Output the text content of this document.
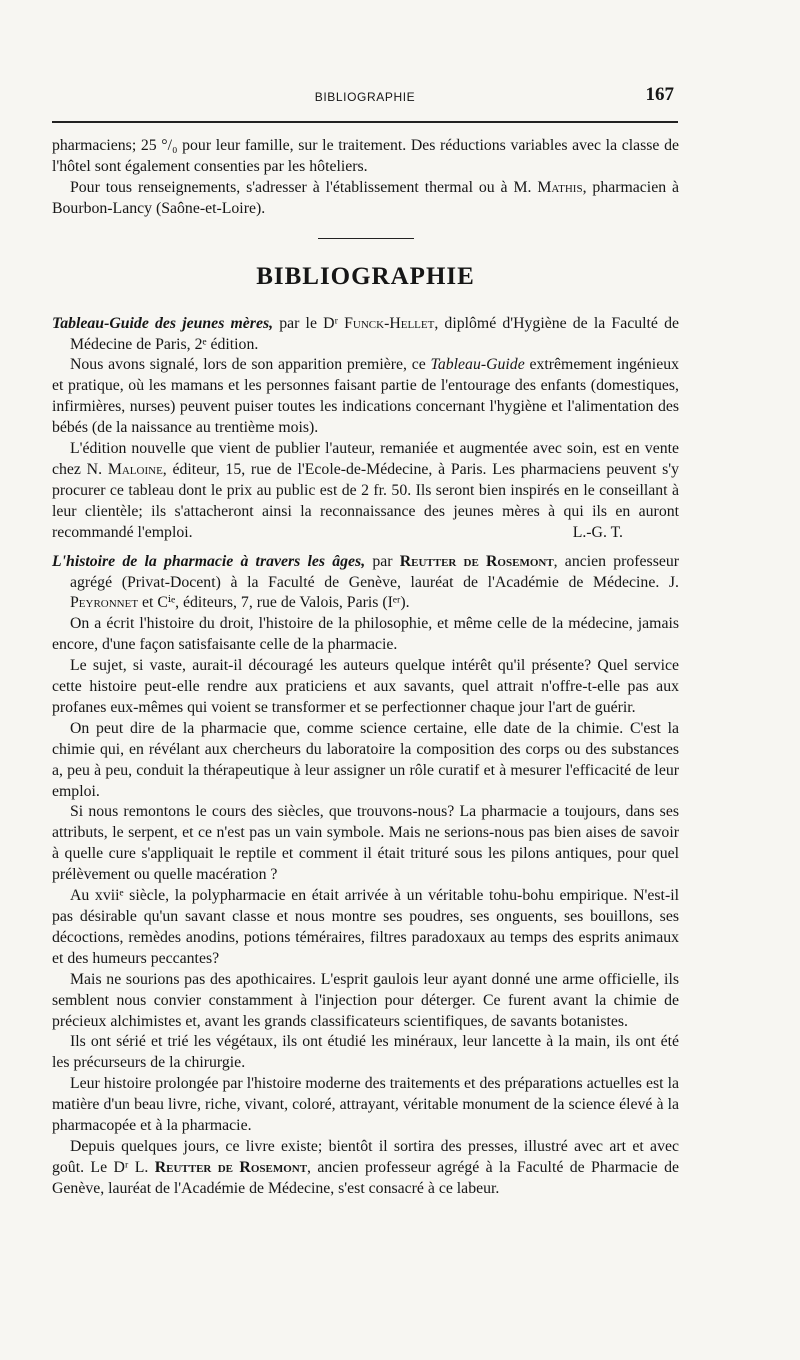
BIBLIOGRAPHIE	167

pharmaciens; 25 °/₀ pour leur famille, sur le traitement. Des réductions variables avec la classe de l'hôtel sont également consenties par les hôteliers.

Pour tous renseignements, s'adresser à l'établissement thermal ou à M. Mathis, pharmacien à Bourbon-Lancy (Saône-et-Loire).

BIBLIOGRAPHIE

Tableau-Guide des jeunes mères, par le Dʳ Funck-Hellet, diplômé d'Hygiène de la Faculté de Médecine de Paris, 2ᵉ édition.

Nous avons signalé, lors de son apparition première, ce Tableau-Guide extrêmement ingénieux et pratique, où les mamans et les personnes faisant partie de l'entourage des enfants (domestiques, infirmières, nurses) peuvent puiser toutes les indications concernant l'hygiène et l'alimentation des bébés (de la naissance au trentième mois).

L'édition nouvelle que vient de publier l'auteur, remaniée et augmentée avec soin, est en vente chez N. Maloine, éditeur, 15, rue de l'Ecole-de-Médecine, à Paris. Les pharmaciens peuvent s'y procurer ce tableau dont le prix au public est de 2 fr. 50. Ils seront bien inspirés en le conseillant à leur clientèle; ils s'attacheront ainsi la reconnaissance des jeunes mères à qui ils en auront recommandé l'emploi.	L.-G. T.

L'histoire de la pharmacie à travers les âges, par Reutter de Rosemont, ancien professeur agrégé (Privat-Docent) à la Faculté de Genève, lauréat de l'Académie de Médecine. J. Peyronnet et Cⁱᵉ, éditeurs, 7, rue de Valois, Paris (Iᵉʳ).

On a écrit l'histoire du droit, l'histoire de la philosophie, et même celle de la médecine, jamais encore, d'une façon satisfaisante celle de la pharmacie.

Le sujet, si vaste, aurait-il découragé les auteurs quelque intérêt qu'il présente? Quel service cette histoire peut-elle rendre aux praticiens et aux savants, quel attrait n'offre-t-elle pas aux profanes eux-mêmes qui voient se transformer et se perfectionner chaque jour l'art de guérir.

On peut dire de la pharmacie que, comme science certaine, elle date de la chimie. C'est la chimie qui, en révélant aux chercheurs du laboratoire la composition des corps ou des substances a, peu à peu, conduit la thérapeutique à leur assigner un rôle curatif et à mesurer l'efficacité de leur emploi.

Si nous remontons le cours des siècles, que trouvons-nous? La pharmacie a toujours, dans ses attributs, le serpent, et ce n'est pas un vain symbole. Mais ne serions-nous pas bien aises de savoir à quelle cure s'appliquait le reptile et comment il était trituré sous les pilons antiques, pour quel prélèvement ou quelle macération ?

Au xviiᵉ siècle, la polypharmacie en était arrivée à un véritable tohu-bohu empirique. N'est-il pas désirable qu'un savant classe et nous montre ses poudres, ses onguents, ses bouillons, ses décoctions, remèdes anodins, potions téméraires, filtres paradoxaux au temps des esprits animaux et des humeurs peccantes?

Mais ne sourions pas des apothicaires. L'esprit gaulois leur ayant donné une arme officielle, ils semblent nous convier constamment à l'injection pour déterger. Ce furent avant la chimie de précieux alchimistes et, avant les grands classificateurs scientifiques, de savants botanistes.

Ils ont sérié et trié les végétaux, ils ont étudié les minéraux, leur lancette à la main, ils ont été les précurseurs de la chirurgie.

Leur histoire prolongée par l'histoire moderne des traitements et des préparations actuelles est la matière d'un beau livre, riche, vivant, coloré, attrayant, véritable monument de la science élevé à la pharmacopée et à la pharmacie.

Depuis quelques jours, ce livre existe; bientôt il sortira des presses, illustré avec art et avec goût. Le Dʳ L. Reutter de Rosemont, ancien professeur agrégé à la Faculté de Pharmacie de Genève, lauréat de l'Académie de Médecine, s'est consacré à ce labeur.
